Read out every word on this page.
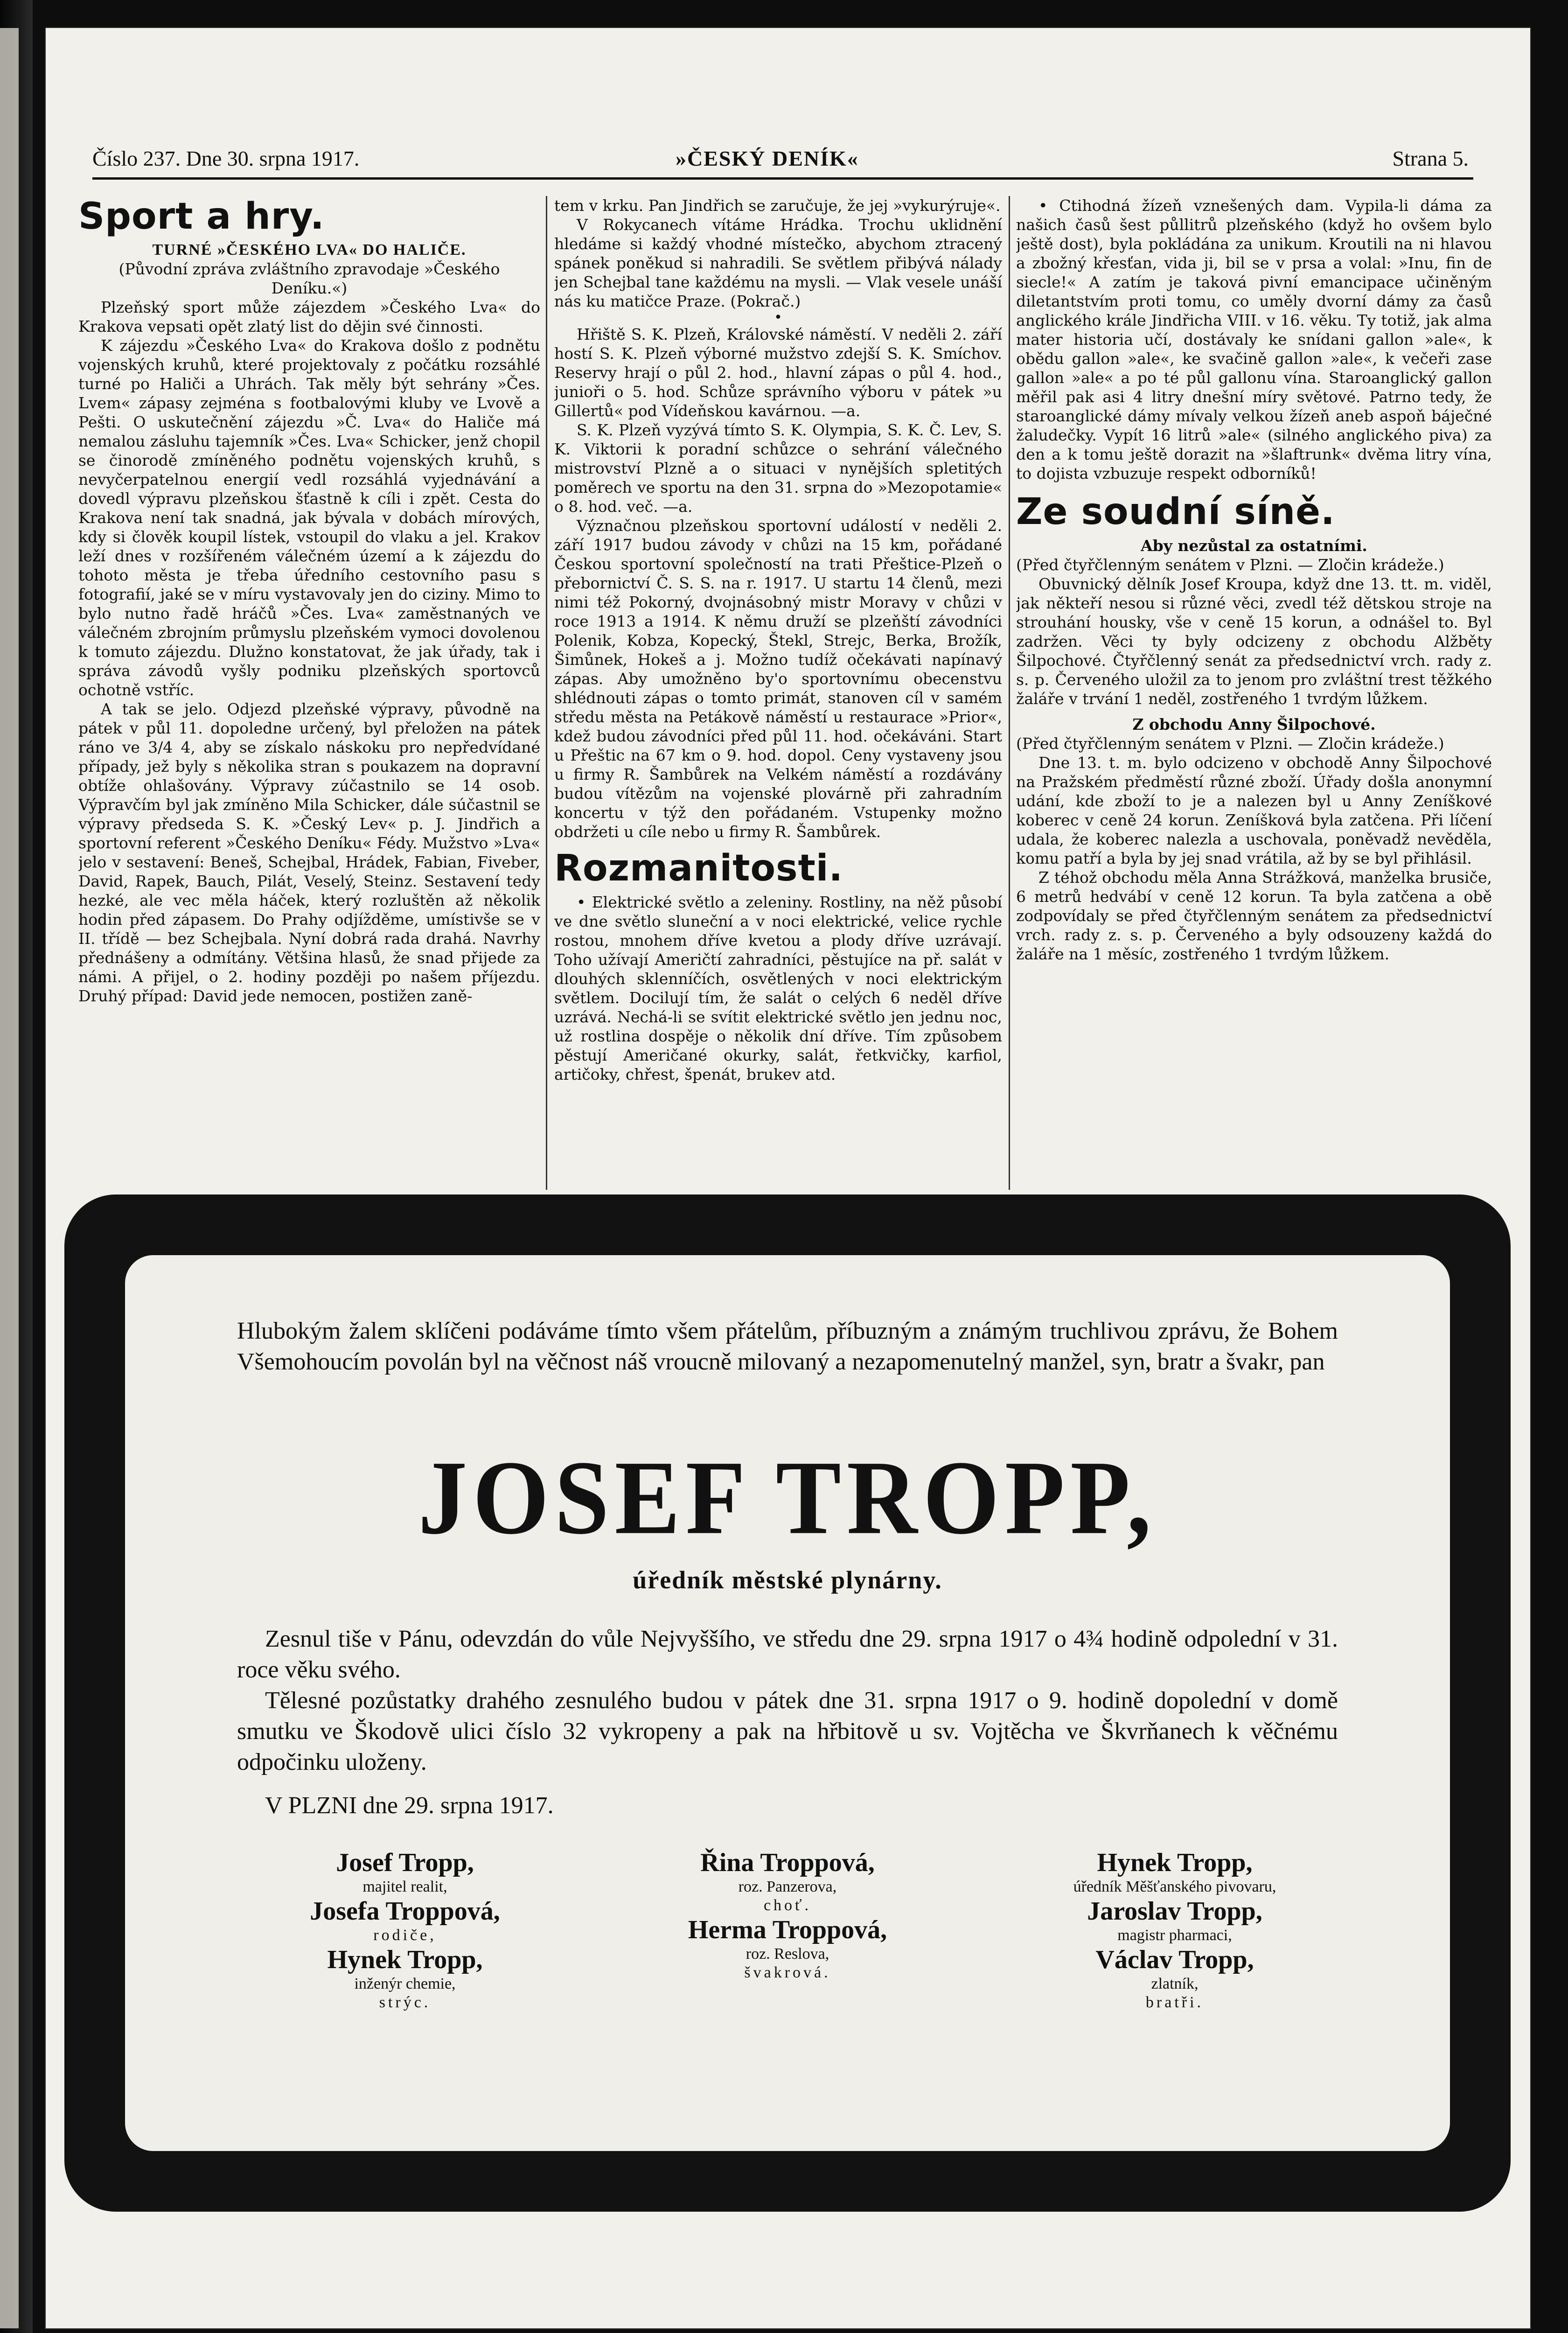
Číslo 237. Dne 30. srpna 1917.	»ČESKÝ DENÍK«	Strana 5.
Sport a hry.
TURNÉ »ČESKÉHO LVA« DO HALIČE.

(Původní zpráva zvláštního zpravodaje »Českého Deníku.«)

Plzeňský sport může zájezdem »Českého Lva« do Krakova vepsati opět zlatý list do dějin své činnosti.

K zájezdu »Českého Lva« do Krakova došlo z podnětu vojenských kruhů, které projektovaly z počátku rozsáhlé turné po Haliči a Uhrách. Tak měly být sehrány »Čes. Lvem« zápasy zejména s footbalovými kluby ve Lvově a Pešti. O uskutečnění zájezdu »Č. Lva« do Haliče má nemalou zásluhu tajemník »Čes. Lva« Schicker, jenž chopil se činorodě zmíněného podnětu vojenských kruhů, s nevyčerpatelnou energií vedl rozsáhlá vyjednávání a dovedl výpravu plzeňskou šťastně k cíli i zpět. Cesta do Krakova není tak snadná, jak bývala v dobách mírových, kdy si člověk koupil lístek, vstoupil do vlaku a jel. Krakov leží dnes v rozšířeném válečném území a k zájezdu do tohoto města je třeba úředního cestovního pasu s fotografií, jaké se v míru vystavovaly jen do ciziny. Mimo to bylo nutno řadě hráčů »Čes. Lva« zaměstnaných ve válečném zbrojním průmyslu plzeňském vymoci dovolenou k tomuto zájezdu. Dlužno konstatovat, že jak úřady, tak i správa závodů vyšly podniku plzeňských sportovců ochotně vstříc.

A tak se jelo. Odjezd plzeňské výpravy, původně na pátek v půl 11. dopoledne určený, byl přeložen na pátek ráno ve 3/4 4, aby se získalo náskoku pro nepředvídané případy, jež byly s několika stran s poukazem na dopravní obtíže ohlašovány. Výpravy zúčastnilo se 14 osob. Výpravčím byl jak zmíněno Mila Schicker, dále súčastnil se výpravy předseda S. K. »Český Lev« p. J. Jindřich a sportovní referent »Českého Deníku« Fédy. Mužstvo »Lva« jelo v sestavení: Beneš, Schejbal, Hrádek, Fabian, Fiveber, David, Rapek, Bauch, Pilát, Veselý, Steinz. Sestavení tedy hezké, ale vec měla háček, který rozluštěn až několik hodin před zápasem. Do Prahy odjížděme, umístivše se v II. třídě — bez Schejbala. Nyní dobrá rada drahá. Navrhy přednášeny a odmítány. Většina hlasů, že snad přijede za námi. A přijel, o 2. hodiny později po našem příjezdu. Druhý případ: David jede nemocen, postižen zaně-

tem v krku. Pan Jindřich se zaručuje, že jej »vykurýruje«.

V Rokycanech vítáme Hrádka. Trochu uklidnění hledáme si každý vhodné místečko, abychom ztracený spánek poněkud si nahradili. Se světlem přibývá nálady jen Schejbal tane každému na mysli. — Vlak vesele unáší nás ku matičce Praze. (Pokrač.)

•

Hřiště S. K. Plzeň, Královské náměstí. V neděli 2. září hostí S. K. Plzeň výborné mužstvo zdejší S. K. Smíchov. Reservy hrají o půl 2. hod., hlavní zápas o půl 4. hod., junioři o 5. hod. Schůze správního výboru v pátek »u Gillertů« pod Vídeňskou kavárnou. —a.

S. K. Plzeň vyzývá tímto S. K. Olympia, S. K. Č. Lev, S. K. Viktorii k poradní schůzce o sehrání válečného mistrovství Plzně a o situaci v nynějších spletitých poměrech ve sportu na den 31. srpna do »Mezopotamie« o 8. hod. več. —a.

Význačnou plzeňskou sportovní událostí v neděli 2. září 1917 budou závody v chůzi na 15 km, pořádané Českou sportovní společností na trati Přeštice-Plzeň o přebornictví Č. S. S. na r. 1917. U startu 14 členů, mezi nimi též Pokorný, dvojnásobný mistr Moravy v chůzi v roce 1913 a 1914. K němu druží se plzeňští závodníci Polenik, Kobza, Kopecký, Štekl, Strejc, Berka, Brožík, Šimůnek, Hokeš a j. Možno tudíž očekávati napínavý zápas. Aby umožněno by'o sportovnímu obecenstvu shlédnouti zápas o tomto primát, stanoven cíl v samém středu města na Petákově náměstí u restaurace »Prior«, kdež budou závodníci před půl 11. hod. očekáváni. Start u Přeštic na 67 km o 9. hod. dopol. Ceny vystaveny jsou u firmy R. Šambůrek na Velkém náměstí a rozdávány budou vítězům na vojenské plovárně při zahradním koncertu v týž den pořádaném. Vstupenky možno obdržeti u cíle nebo u firmy R. Šambůrek.

Rozmanitosti.

• Elektrické světlo a zeleniny. Rostliny, na něž působí ve dne světlo sluneční a v noci elektrické, velice rychle rostou, mnohem dříve kvetou a plody dříve uzrávají. Toho užívají Američtí zahradníci, pěstujíce na př. salát v dlouhých sklenníčích, osvětlených v noci elektrickým světlem. Docilují tím, že salát o celých 6 neděl dříve uzrává. Nechá-li se svítit elektrické světlo jen jednu noc, už rostlina dospěje o několik dní dříve. Tím způsobem pěstují Američané okurky, salát, řetkvičky, karfiol, artičoky, chřest, špenát, brukev atd.

• Ctihodná žízeň vznešených dam. Vypila-li dáma za našich časů šest půllitrů plzeňského (když ho ovšem bylo ještě dost), byla pokládána za unikum. Kroutili na ni hlavou a zbožný křesťan, vida ji, bil se v prsa a volal: »Inu, fin de siecle!« A zatím je taková pivní emancipace učiněným diletantstvím proti tomu, co uměly dvorní dámy za časů anglického krále Jindřicha VIII. v 16. věku. Ty totiž, jak alma mater historia učí, dostávaly ke snídani gallon »ale«, k obědu gallon »ale«, ke svačině gallon »ale«, k večeři zase gallon »ale« a po té půl gallonu vína. Staroanglický gallon měřil pak asi 4 litry dnešní míry světové. Patrno tedy, že staroanglické dámy mívaly velkou žízeň aneb aspoň báječné žaludečky. Vypít 16 litrů »ale« (silného anglického piva) za den a k tomu ještě dorazit na »šlaftrunk« dvěma litry vína, to dojista vzbuzuje respekt odborníků!

Ze soudní síně.

Aby nezůstal za ostatními.

(Před čtyřčlenným senátem v Plzni. — Zločin krádeže.)

Obuvnický dělník Josef Kroupa, když dne 13. tt. m. viděl, jak někteří nesou si různé věci, zvedl též dětskou stroje na strouhání housky, vše v ceně 15 korun, a odnášel to. Byl zadržen. Věci ty byly odcizeny z obchodu Alžběty Šilpochové. Čtyřčlenný senát za předsednictví vrch. rady z. s. p. Červeného uložil za to jenom pro zvláštní trest těžkého žaláře v trvání 1 neděl, zostřeného 1 tvrdým lůžkem.

Z obchodu Anny Šilpochové.

(Před čtyřčlenným senátem v Plzni. — Zločin krádeže.)

Dne 13. t. m. bylo odcizeno v obchodě Anny Šilpochové na Pražském předměstí různé zboží. Úřady došla anonymní udání, kde zboží to je a nalezen byl u Anny Zeníškové koberec v ceně 24 korun. Zeníšková byla zatčena. Při líčení udala, že koberec nalezla a uschovala, poněvadž nevěděla, komu patří a byla by jej snad vrátila, až by se byl přihlásil.

Z téhož obchodu měla Anna Strážková, manželka brusiče, 6 metrů hedvábí v ceně 12 korun. Ta byla zatčena a obě zodpovídaly se před čtyřčlenným senátem za předsednictví vrch. rady z. s. p. Červeného a byly odsouzeny každá do žaláře na 1 měsíc, zostřeného 1 tvrdým lůžkem.

Hlubokým žalem sklíčeni podáváme tímto všem přátelům, příbuzným a známým truchlivou zprávu, že Bohem Všemohoucím povolán byl na věčnost náš vroucně milovaný a nezapomenutelný manžel, syn, bratr a švakr, pan
JOSEF TROPP,
úředník městské plynárny.

Zesnul tiše v Pánu, odevzdán do vůle Nejvyššího, ve středu dne 29. srpna 1917 o 4¾ hodině odpolední v 31. roce věku svého.

Tělesné pozůstatky drahého zesnulého budou v pátek dne 31. srpna 1917 o 9. hodině dopolední v domě smutku ve Škodově ulici číslo 32 vykropeny a pak na hřbitově u sv. Vojtěcha ve Škvrňanech k věčnému odpočinku uloženy.

V PLZNI dne 29. srpna 1917.
Josef Tropp,
majitel realit,
Josefa Troppová,
rodiče,
Hynek Tropp,
inženýr chemie,
strýc.
Řina Troppová,
roz. Panzerova,
choť.
Herma Troppová,
roz. Reslova,
švakrová.
Hynek Tropp,
úředník Měšťanského pivovaru,
Jaroslav Tropp,
magistr pharmaci,
Václav Tropp,
zlatník,
bratři.
